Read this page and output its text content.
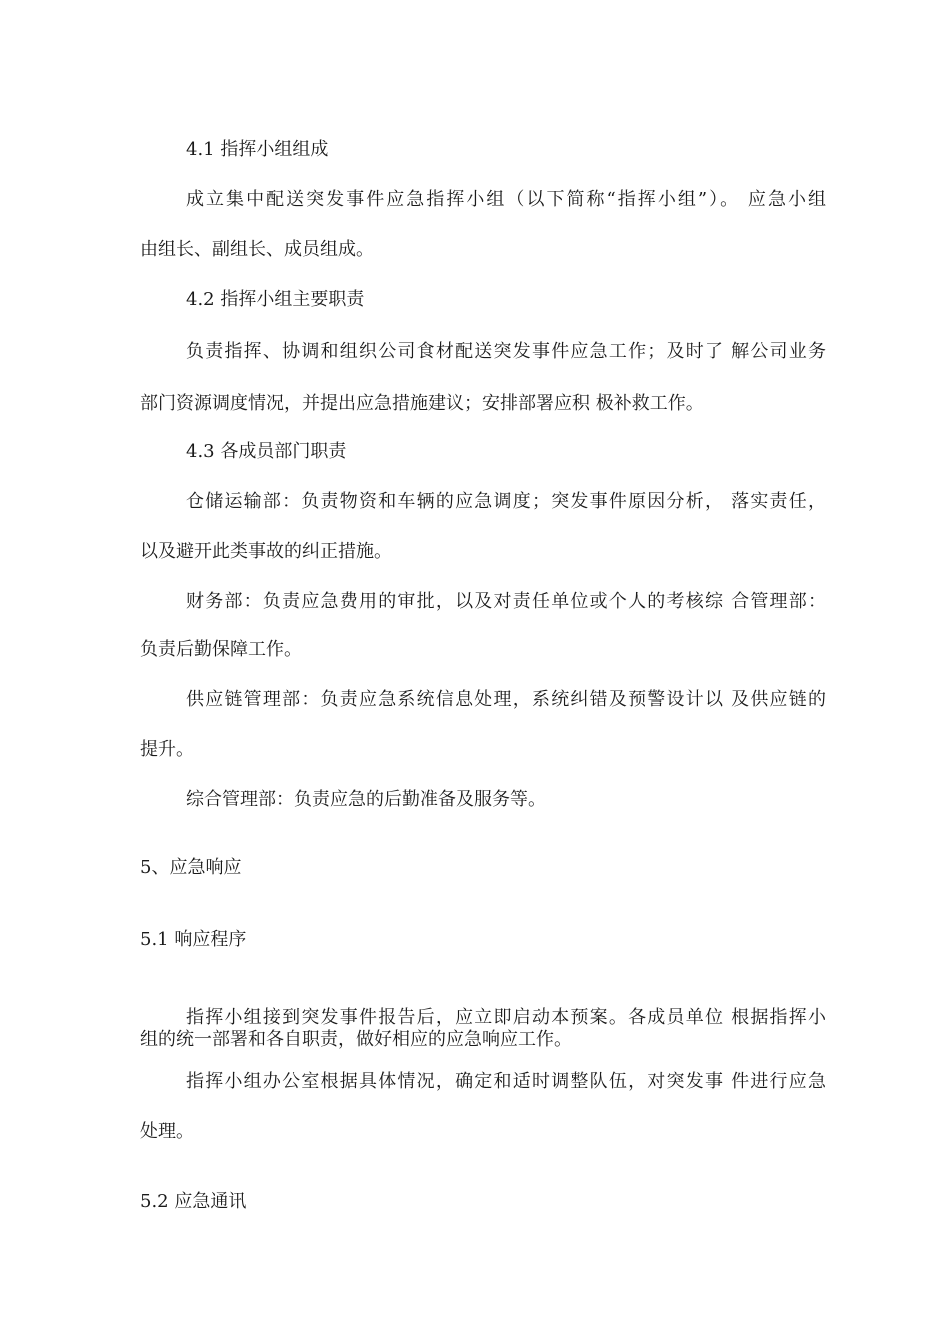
4.1 指挥小组组成

成立集中配送突发事件应急指挥小组（以下简称“指挥小组”）。 应急小组

由组长、副组长、成员组成。

4.2 指挥小组主要职责

负责指挥、协调和组织公司食材配送突发事件应急工作；及时了 解公司业务

部门资源调度情况，并提出应急措施建议；安排部署应积 极补救工作。

4.3 各成员部门职责

仓储运输部：负责物资和车辆的应急调度；突发事件原因分析， 落实责任，

以及避开此类事故的纠正措施。

财务部：负责应急费用的审批，以及对责任单位或个人的考核综 合管理部：

负责后勤保障工作。

供应链管理部：负责应急系统信息处理，系统纠错及预警设计以 及供应链的

提升。

综合管理部：负责应急的后勤准备及服务等。

5、应急响应

5.1 响应程序

指挥小组接到突发事件报告后，应立即启动本预案。各成员单位 根据指挥小

组的统一部署和各自职责，做好相应的应急响应工作。

指挥小组办公室根据具体情况，确定和适时调整队伍，对突发事 件进行应急

处理。

5.2 应急通讯
